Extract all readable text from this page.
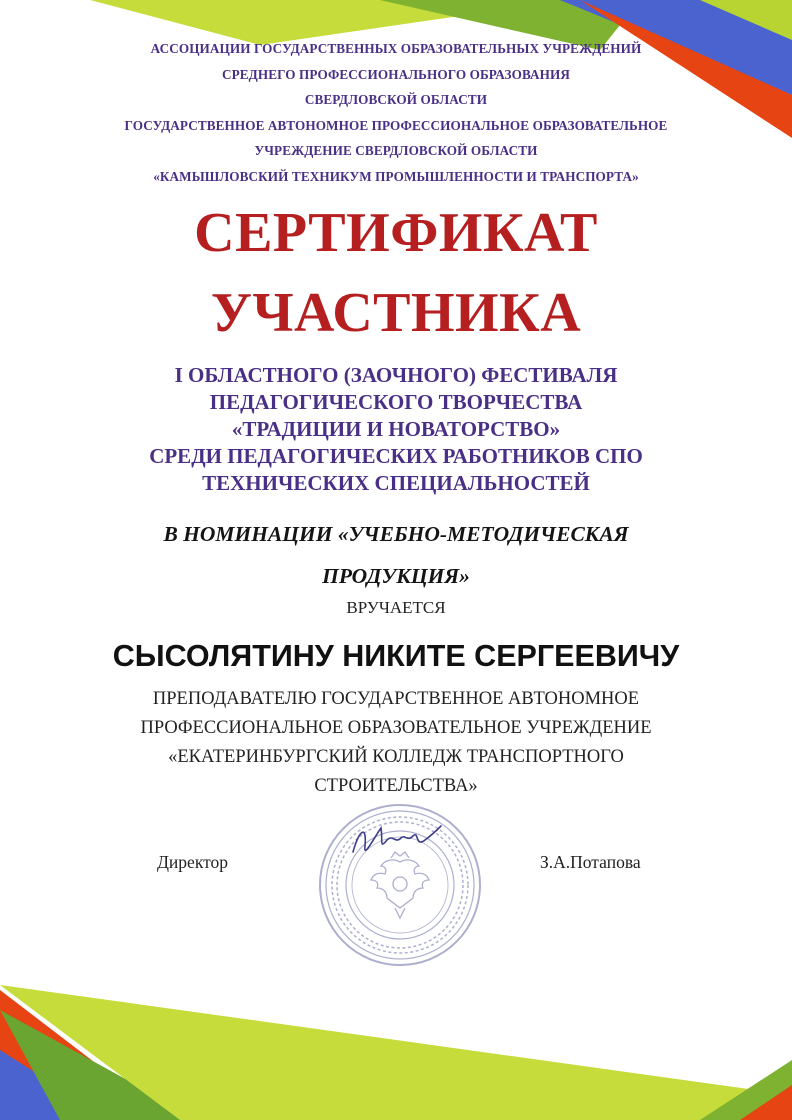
АССОЦИАЦИИ ГОСУДАРСТВЕННЫХ ОБРАЗОВАТЕЛЬНЫХ УЧРЕЖДЕНИЙ
СРЕДНЕГО ПРОФЕССИОНАЛЬНОГО ОБРАЗОВАНИЯ
СВЕРДЛОВСКОЙ ОБЛАСТИ
ГОСУДАРСТВЕННОЕ АВТОНОМНОЕ ПРОФЕССИОНАЛЬНОЕ ОБРАЗОВАТЕЛЬНОЕ
УЧРЕЖДЕНИЕ СВЕРДЛОВСКОЙ ОБЛАСТИ
«КАМЫШЛОВСКИЙ ТЕХНИКУМ ПРОМЫШЛЕННОСТИ И ТРАНСПОРТА»
СЕРТИФИКАТ
УЧАСТНИКА
I ОБЛАСТНОГО (ЗАОЧНОГО) ФЕСТИВАЛЯ
ПЕДАГОГИЧЕСКОГО ТВОРЧЕСТВА
«ТРАДИЦИИ И НОВАТОРСТВО»
СРЕДИ ПЕДАГОГИЧЕСКИХ РАБОТНИКОВ СПО
ТЕХНИЧЕСКИХ СПЕЦИАЛЬНОСТЕЙ
В НОМИНАЦИИ «УЧЕБНО-МЕТОДИЧЕСКАЯ
ПРОДУКЦИЯ»
ВРУЧАЕТСЯ
СЫСОЛЯТИНУ НИКИТЕ СЕРГЕЕВИЧУ
ПРЕПОДАВАТЕЛЮ ГОСУДАРСТВЕННОЕ АВТОНОМНОЕ
ПРОФЕССИОНАЛЬНОЕ ОБРАЗОВАТЕЛЬНОЕ УЧРЕЖДЕНИЕ
«ЕКАТЕРИНБУРГСКИЙ КОЛЛЕДЖ ТРАНСПОРТНОГО
СТРОИТЕЛЬСТВА»
Директор	З.А.Потапова
